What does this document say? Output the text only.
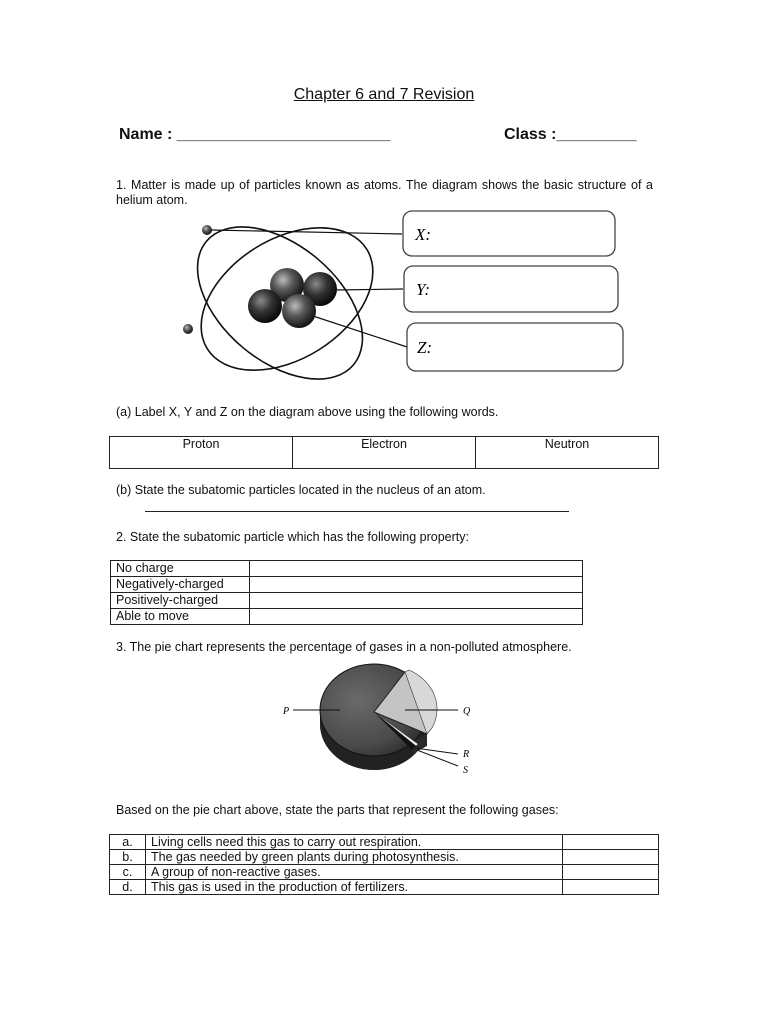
Chapter 6 and 7 Revision
Name : ________________________	Class :_________
1. Matter is made up of particles known as atoms. The diagram shows the basic structure of a helium atom.
X:
Y:
Z:
(a) Label X, Y and Z on the diagram above using the following words.
Proton	Electron	Neutron
(b) State the subatomic particles located in the nucleus of an atom.
2. State the subatomic particle which has the following property:
No charge	
Negatively-charged	
Positively-charged	
Able to move	
3. The pie chart represents the percentage of gases in a non-polluted atmosphere.
P	Q
R
S
Based on the pie chart above, state the parts that represent the following gases:
a.	Living cells need this gas to carry out respiration.	
b.	The gas needed by green plants during photosynthesis.	
c.	A group of non-reactive gases.	
d.	This gas is used in the production of fertilizers.	
